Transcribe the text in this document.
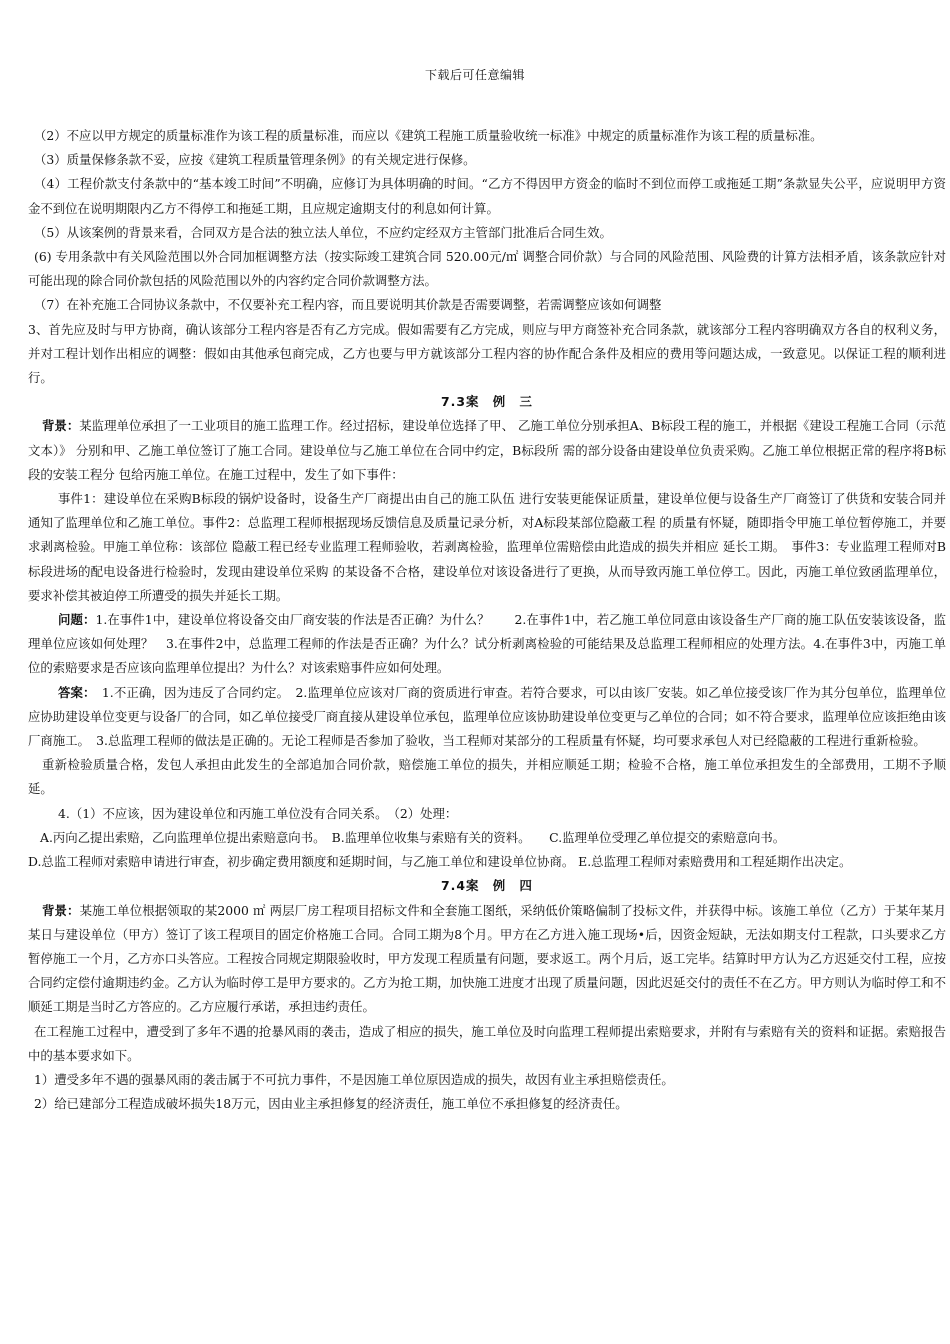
下载后可任意编辑

（2）不应以甲方规定的质量标准作为该工程的质量标准，而应以《建筑工程施工质量验收统一标准》中规定的质量标准作为该工程的质量标准。

（3）质量保修条款不妥，应按《建筑工程质量管理条例》的有关规定进行保修。

（4）工程价款支付条款中的“基本竣工时间”不明确，应修订为具体明确的时间。“乙方不得因甲方资金的临时不到位而停工或拖延工期”条款显失公平，应说明甲方资金不到位在说明期限内乙方不得停工和拖延工期，且应规定逾期支付的利息如何计算。

（5）从该案例的背景来看，合同双方是合法的独立法人单位，不应约定经双方主管部门批准后合同生效。

(6) 专用条款中有关风险范围以外合同加框调整方法（按实际竣工建筑合同 520.00元/㎡ 调整合同价款）与合同的风险范围、风险费的计算方法相矛盾，该条款应针对可能出现的除合同价款包括的风险范围以外的内容约定合同价款调整方法。

（7）在补充施工合同协议条款中，不仅要补充工程内容，而且要说明其价款是否需要调整，若需调整应该如何调整

3、首先应及时与甲方协商，确认该部分工程内容是否有乙方完成。假如需要有乙方完成，则应与甲方商签补充合同条款，就该部分工程内容明确双方各自的权利义务，并对工程计划作出相应的调整：假如由其他承包商完成，乙方也要与甲方就该部分工程内容的协作配合条件及相应的费用等问题达成，一致意见。以保证工程的顺利进行。

7.3案　例　三

背景：某监理单位承担了一工业项目的施工监理工作。经过招标，建设单位选择了甲、 乙施工单位分别承担A、B标段工程的施工，并根据《建设工程施工合同（示范文本）》 分别和甲、乙施工单位签订了施工合同。建设单位与乙施工单位在合同中约定，B标段所 需的部分设备由建设单位负责采购。乙施工单位根据正常的程序将B标段的安装工程分 包给丙施工单位。在施工过程中，发生了如下事件：

事件1：建设单位在采购B标段的锅炉设备时，设备生产厂商提出由自己的施工队伍 进行安装更能保证质量，建设单位便与设备生产厂商签订了供货和安装合同并通知了监理单位和乙施工单位。事件2：总监理工程师根据现场反馈信息及质量记录分析，对A标段某部位隐蔽工程 的质量有怀疑，随即指令甲施工单位暂停施工，并要求剥离检验。甲施工单位称：该部位 隐蔽工程已经专业监理工程师验收，若剥离检验，监理单位需赔偿由此造成的损失并相应 延长工期。　事件3：专业监理工程师对B标段进场的配电设备进行检验时，发现由建设单位采购 的某设备不合格，建设单位对该设备进行了更换，从而导致丙施工单位停工。因此，丙施工单位致函监理单位，要求补偿其被迫停工所遭受的损失并延长工期。

问题：1.在事件1中，建设单位将设备交由厂商安装的作法是否正确？为什么？　　2.在事件1中，若乙施工单位同意由该设备生产厂商的施工队伍安装该设备，监理单位应该如何处理？　3.在事件2中，总监理工程师的作法是否正确？为什么？试分析剥离检验的可能结果及总监理工程师相应的处理方法。4.在事件3中，丙施工单位的索赔要求是否应该向监理单位提出？为什么？对该索赔事件应如何处理。

答案：　1.不正确，因为违反了合同约定。　2.监理单位应该对厂商的资质进行审查。若符合要求，可以由该厂安装。如乙单位接受该厂作为其分包单位，监理单位应协助建设单位变更与设备厂的合同，如乙单位接受厂商直接从建设单位承包，监理单位应该协助建设单位变更与乙单位的合同；如不符合要求，监理单位应该拒绝由该厂商施工。　3.总监理工程师的做法是正确的。无论工程师是否参加了验收，当工程师对某部分的工程质量有怀疑，均可要求承包人对已经隐蔽的工程进行重新检验。

重新检验质量合格，发包人承担由此发生的全部追加合同价款，赔偿施工单位的损失，并相应顺延工期；检验不合格，施工单位承担发生的全部费用，工期不予顺延。

4.（1）不应该，因为建设单位和丙施工单位没有合同关系。　（2）处理：

A.丙向乙提出索赔，乙向监理单位提出索赔意向书。　B.监理单位收集与索赔有关的资料。　　C.监理单位受理乙单位提交的索赔意向书。

D.总监工程师对索赔申请进行审查，初步确定费用额度和延期时间，与乙施工单位和建设单位协商。 E.总监理工程师对索赔费用和工程延期作出决定。

7.4案　例　四

背景：某施工单位根据领取的某2000 ㎡ 两层厂房工程项目招标文件和全套施工图纸，采纳低价策略偏制了投标文件，并获得中标。该施工单位（乙方）于某年某月某日与建设单位（甲方）签订了该工程项目的固定价格施工合同。合同工期为8个月。甲方在乙方进入施工现场•后，因资金短缺，无法如期支付工程款，口头要求乙方暂停施工一个月，乙方亦口头答应。工程按合同规定期限验收时，甲方发现工程质量有问题，要求返工。两个月后，返工完毕。结算时甲方认为乙方迟延交付工程，应按合同约定偿付逾期违约金。乙方认为临时停工是甲方要求的。乙方为抢工期，加快施工进度才出现了质量问题，因此迟延交付的责任不在乙方。甲方则认为临时停工和不顺延工期是当时乙方答应的。乙方应履行承诺，承担违约责任。

在工程施工过程中，遭受到了多年不遇的抢暴风雨的袭击，造成了相应的损失，施工单位及时向监理工程师提出索赔要求，并附有与索赔有关的资料和证据。索赔报告中的基本要求如下。

1）遭受多年不遇的强暴风雨的袭击属于不可抗力事件，不是因施工单位原因造成的损失，故因有业主承担赔偿责任。

2）给已建部分工程造成破坏损失18万元，因由业主承担修复的经济责任，施工单位不承担修复的经济责任。
